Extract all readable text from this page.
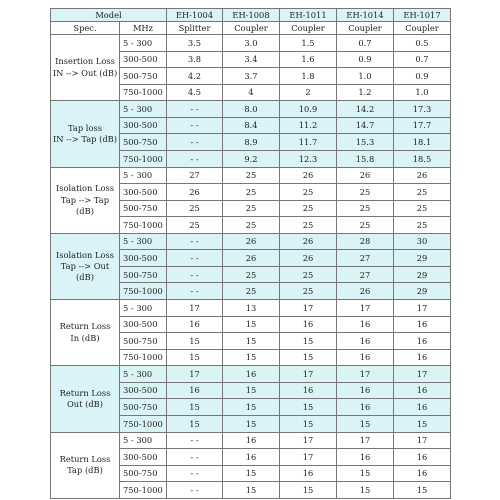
Model		EH-1004	EH-1008	EH-1011	EH-1014	EH-1017
Spec.	MHz	Splitter	Coupler	Coupler	Coupler	Coupler

Insertion Loss
IN --> Out (dB)	5 - 300	3.5	3.0	1.5	0.7	0.5
	300-500	3.8	3.4	1.6	0.9	0.7
	500-750	4.2	3.7	1.8	1.0	0.9
	750-1000	4.5	4	2	1.2	1.0

Tap loss
IN --> Tap (dB)	5 - 300	- -	8.0	10.9	14.2	17.3
	300-500	- -	8.4	11.2	14.7	17.7
	500-750	- -	8.9	11.7	15.3	18.1
	750-1000	- -	9.2	12.3	15.8	18.5

Isolation Loss
Tap --> Tap (dB)	5 - 300	27	25	26	26	26
	300-500	26	25	25	25	25
	500-750	25	25	25	25	25
	750-1000	25	25	25	25	25

Isolation Loss
Tap --> Out (dB)	5 - 300	- -	26	26	28	30
	300-500	- -	26	26	27	29
	500-750	- -	25	25	27	29
	750-1000	- -	25	25	26	29

Return Loss
In (dB)	5 - 300	17	13	17	17	17
	300-500	16	15	16	16	16
	500-750	15	15	15	16	16
	750-1000	15	15	15	16	16

Return Loss
Out (dB)	5 - 300	17	16	17	17	17
	300-500	16	15	16	16	16
	500-750	15	15	15	16	16
	750-1000	15	15	15	15	15

Return Loss
Tap (dB)	5 - 300	- -	16	17	17	17
	300-500	- -	16	17	16	16
	500-750	- -	15	16	15	16
	750-1000	- -	15	15	15	15
